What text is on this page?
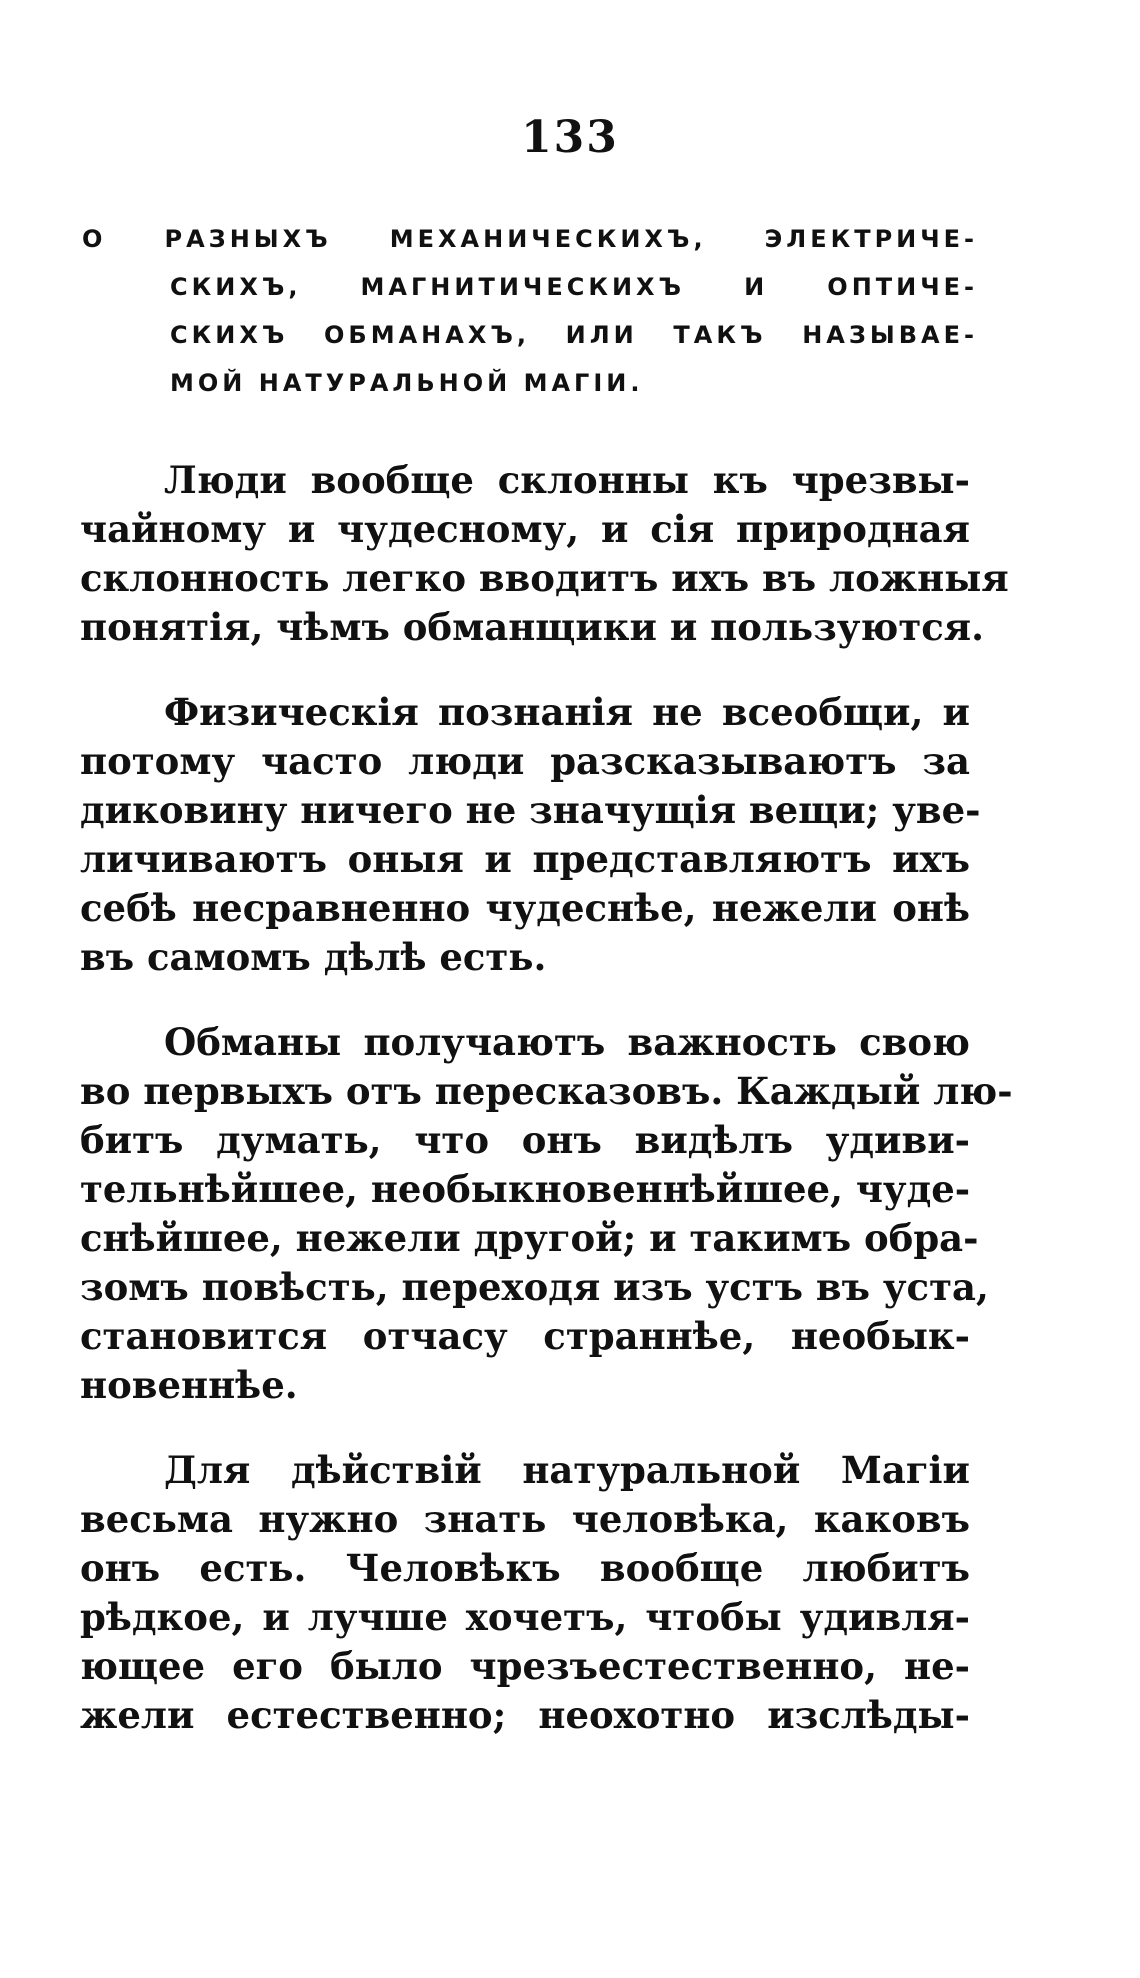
133
О РАЗНЫХЪ МЕХАНИЧЕСКИХЪ, ЭЛЕКТРИЧЕ-
СКИХЪ, МАГНИТИЧЕСКИХЪ И ОПТИЧЕ-
СКИХЪ ОБМАНАХЪ, ИЛИ ТАКЪ НАЗЫВАЕ-
МОЙ НАТУРАЛЬНОЙ МАГІИ.
Люди вообще склонны къ чрезвы-
чайному и чудесному, и сія природная
склонность легко вводитъ ихъ въ ложныя
понятія, чѣмъ обманщики и пользуются.
Физическія познанія не всеобщи, и
потому часто люди разсказываютъ за
диковину ничего не значущія вещи; уве-
личиваютъ оныя и представляютъ ихъ
себѣ несравненно чудеснѣе, нежели онѣ
въ самомъ дѣлѣ есть.
Обманы получаютъ важность свою
во первыхъ отъ пересказовъ. Каждый лю-
битъ думать, что онъ видѣлъ удиви-
тельнѣйшее, необыкновеннѣйшее, чуде-
снѣйшее, нежели другой; и такимъ обра-
зомъ повѣсть, переходя изъ устъ въ уста,
становится отчасу страннѣе, необык-
новеннѣе.
Для дѣйствій натуральной Магіи
весьма нужно знать человѣка, каковъ
онъ есть. Человѣкъ вообще любитъ
рѣдкое, и лучше хочетъ, чтобы удивля-
ющее его было чрезъестественно, не-
жели естественно; неохотно изслѣды-
